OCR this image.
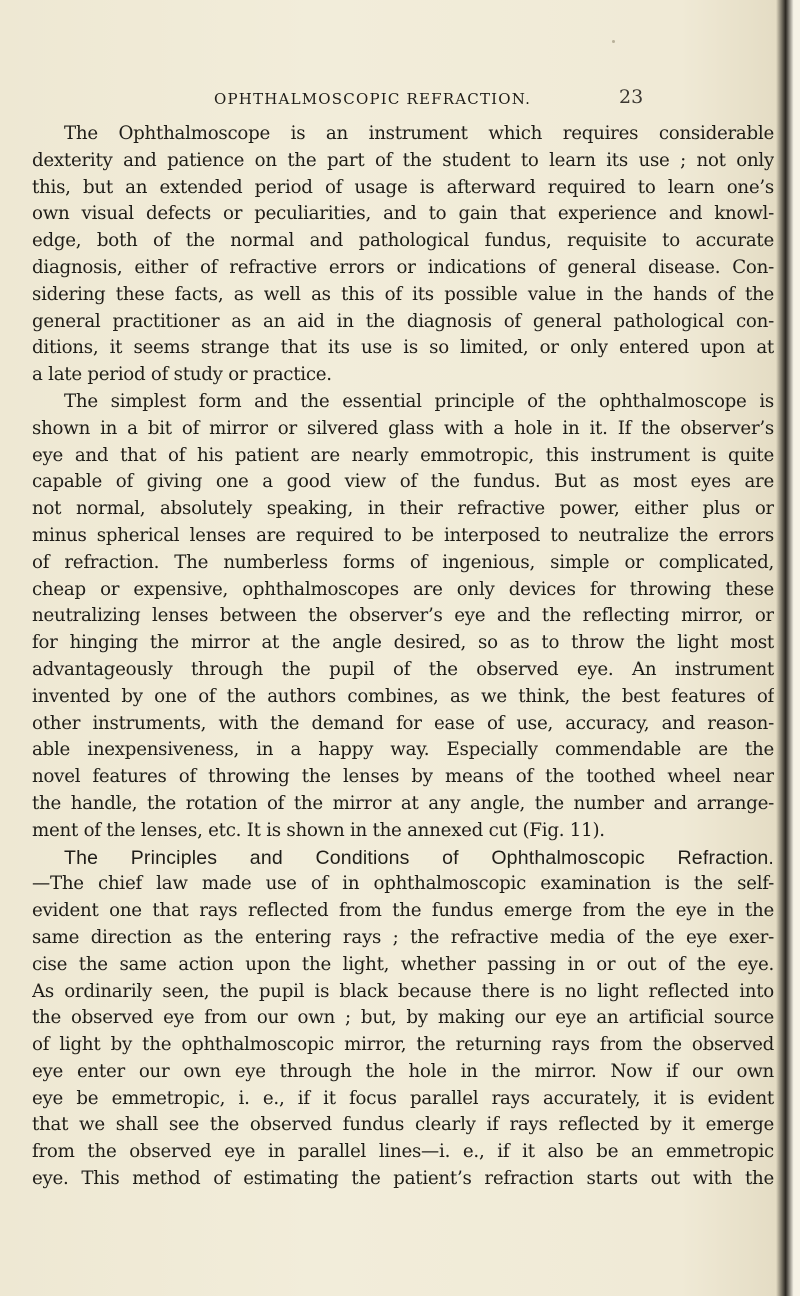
OPHTHALMOSCOPIC REFRACTION.	23
The Ophthalmoscope is an instrument which requires considerable
dexterity and patience on the part of the student to learn its use ; not only
this, but an extended period of usage is afterward required to learn one’s
own visual defects or peculiarities, and to gain that experience and knowl-
edge, both of the normal and pathological fundus, requisite to accurate
diagnosis, either of refractive errors or indications of general disease. Con-
sidering these facts, as well as this of its possible value in the hands of the
general practitioner as an aid in the diagnosis of general pathological con-
ditions, it seems strange that its use is so limited, or only entered upon at
a late period of study or practice.
The simplest form and the essential principle of the ophthalmoscope is
shown in a bit of mirror or silvered glass with a hole in it. If the observer’s
eye and that of his patient are nearly emmotropic, this instrument is quite
capable of giving one a good view of the fundus. But as most eyes are
not normal, absolutely speaking, in their refractive power, either plus or
minus spherical lenses are required to be interposed to neutralize the errors
of refraction. The numberless forms of ingenious, simple or complicated,
cheap or expensive, ophthalmoscopes are only devices for throwing these
neutralizing lenses between the observer’s eye and the reflecting mirror, or
for hinging the mirror at the angle desired, so as to throw the light most
advantageously through the pupil of the observed eye. An instrument
invented by one of the authors combines, as we think, the best features of
other instruments, with the demand for ease of use, accuracy, and reason-
able inexpensiveness, in a happy way. Especially commendable are the
novel features of throwing the lenses by means of the toothed wheel near
the handle, the rotation of the mirror at any angle, the number and arrange-
ment of the lenses, etc. It is shown in the annexed cut (Fig. 11).
The Principles and Conditions of Ophthalmoscopic Refraction.
—The chief law made use of in ophthalmoscopic examination is the self-
evident one that rays reflected from the fundus emerge from the eye in the
same direction as the entering rays ; the refractive media of the eye exer-
cise the same action upon the light, whether passing in or out of the eye.
As ordinarily seen, the pupil is black because there is no light reflected into
the observed eye from our own ; but, by making our eye an artificial source
of light by the ophthalmoscopic mirror, the returning rays from the observed
eye enter our own eye through the hole in the mirror. Now if our own
eye be emmetropic, i. e., if it focus parallel rays accurately, it is evident
that we shall see the observed fundus clearly if rays reflected by it emerge
from the observed eye in parallel lines—i. e., if it also be an emmetropic
eye. This method of estimating the patient’s refraction starts out with the
